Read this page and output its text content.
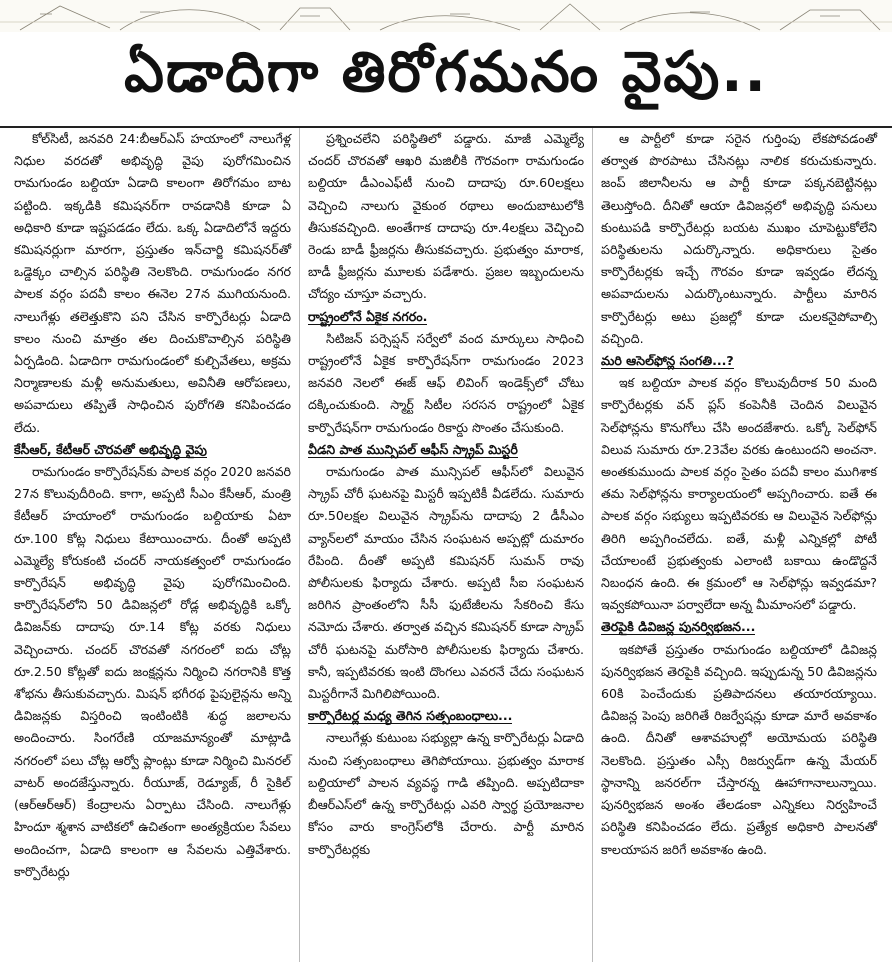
ఏడాదిగా తిరోగమనం వైపు..

కోల్‌సిటీ, జనవరి 24:బీఆర్‌ఎస్‌ హయాంలో నాలుగేళ్ల నిధుల వరదతో అభివృద్ధి వైపు పురోగమించిన రామగుండం బల్దియా ఏడాది కాలంగా తిరోగమం బాట పట్టింది. ఇక్కడికి కమిషనర్‌గా రావడానికి కూడా ఏ అధికారి కూడా ఇష్టపడడం లేదు. ఒక్క ఏడాదిలోనే ఇద్దరు కమిషనర్లుగా మారగా, ప్రస్తుతం ఇన్‌చార్జి కమిషనర్‌తో ఒడ్డెక్కం చాల్సిన పరిస్థితి నెలకొంది. రామగుండం నగర పాలక వర్గం పదవీ కాలం ఈనెల 27న ముగియనుంది. నాలుగేళ్లు తలెత్తుకొని పని చేసిన కార్పొరేటర్లు ఏడాది కాలం నుంచి మాత్రం తల దించుకొవాల్సిన పరిస్థితి ఏర్పడింది. ఏడాదిగా రామగుండంలో కుల్చివేతలు, అక్రమ నిర్మాణాలకు మళ్లీ అనుమతులు, అవినీతి ఆరోపణలు, అపవాదులు తప్పితే సాధించిన పురోగతి కనిపించడం లేదు.

కేసీఆర్‌, కేటీఆర్‌ చొరవతో అభివృద్ధి వైపు

రామగుండం కార్పొరేషన్‌కు పాలక వర్గం 2020 జనవరి 27న కొలువుదీరింది. కాగా, అప్పటి సీఎం కేసీఆర్‌, మంత్రి కేటీఆర్‌ హయాంలో రామగుండం బల్దియాకు ఏటా రూ.100 కోట్ల నిధులు కేటాయించారు. దీంతో అప్పటి ఎమ్మెల్యే కోరుకంటి చందర్‌ నాయకత్వంలో రామగుండం కార్పొరేషన్‌ అభివృద్ధి వైపు పురోగమించింది. కార్పొరేషన్‌లోని 50 డివిజన్లలో రోడ్ల అభివృద్ధికి ఒక్కో డివిజన్‌కు దాదాపు రూ.14 కోట్ల వరకు నిధులు వెచ్చించారు. చందర్‌ చొరవతో నగరంలో ఐదు చోట్ల రూ.2.50 కోట్లతో ఐదు జంక్షన్లను నిర్మించి నగరానికి కొత్త శోభను తీసుకువచ్చారు. మిషన్‌ భగీరథ పైపులైన్లను అన్ని డివిజన్లకు విస్తరించి ఇంటింటికి శుద్ధ జలాలను అందించారు. సింగరేణి యాజమాన్యంతో మాట్లాడి నగరంలో పలు చోట్ల ఆర్వో ప్లాంట్లు కూడా నిర్మించి మినరల్‌ వాటర్‌ అందజేస్తున్నారు. రీయూజ్‌, రెడ్యూజ్‌, రీ సైకిల్‌ (ఆర్‌ఆర్‌ఆర్‌) కేంద్రాలను ఏర్పాటు చేసింది. నాలుగేళ్లు హిందూ శ్మశాన వాటికలో ఉచితంగా అంత్యక్రియల సేవలు అందించగా, ఏడాది కాలంగా ఆ సేవలను ఎత్తివేశారు. కార్పొరేటర్లు

ప్రశ్నించలేని పరిస్థితిలో పడ్డారు. మాజీ ఎమ్మెల్యే చందర్‌ చొరవతో ఆఖరి మజిలీకి గౌరవంగా రామగుండం బల్దియా డీఎంఎఫ్‌టీ నుంచి దాదాపు రూ.60లక్షలు వెచ్చించి నాలుగు వైకుంఠ రథాలు అందుబాటులోకి తీసుకవచ్చింది. అంతేగాక దాదాపు రూ.4లక్షలు వెచ్చించి రెండు బాడీ ఫ్రీజర్లను తీసుకవచ్చారు. ప్రభుత్వం మారాక, బాడీ ఫ్రీజర్లను మూలకు పడేశారు. ప్రజల ఇబ్బందులను చోద్యం చూస్తూ వచ్చారు.

రాష్ట్రంలోనే ఏకైక నగరం.

సిటిజన్‌ పర్సెప్షన్‌ సర్వేలో వంద మార్కులు సాధించి రాష్ట్రంలోనే ఏకైక కార్పొరేషన్‌గా రామగుండం 2023 జనవరి నెలలో ఈజ్‌ ఆఫ్‌ లివింగ్‌ ఇండెక్స్‌లో చోటు దక్కించుకుంది. స్మార్ట్‌ సిటీల సరసన రాష్ట్రంలో ఏకైక కార్పొరేషన్‌గా రామగుండం రికార్డు సొంతం చేసుకుంది.

వీడని పాత మున్సిపల్‌ ఆఫీస్‌ స్క్రాప్‌ మిస్టరీ

రామగుండం పాత మున్సిపల్‌ ఆఫీస్‌లో విలువైన స్క్రాప్‌ చోరీ ఘటనపై మిస్టరీ ఇప్పటికీ వీడలేదు. సుమారు రూ.50లక్షల విలువైన స్క్రాప్‌ను దాదాపు 2 డీసీఎం వ్యాన్‌లలో మాయం చేసిన సంఘటన అప్పట్లో దుమారం రేపింది. దీంతో అప్పటి కమిషనర్‌ సుమన్‌ రావు పోలీసులకు ఫిర్యాదు చేశారు. అప్పటి సీఐ సంఘటన జరిగిన ప్రాంతంలోని సీసీ ఫుటేజీలను సేకరించి కేసు నమోదు చేశారు. తర్వాత వచ్చిన కమిషనర్‌ కూడా స్క్రాప్‌ చోరీ ఘటనపై మరోసారి పోలీసులకు ఫిర్యాదు చేశారు. కానీ, ఇప్పటివరకు ఇంటి దొంగలు ఎవరనే చేదు సంఘటన మిస్టరీగానే మిగిలిపోయింది.

కార్పొరేటర్ల మధ్య తెగిన సత్సంబంధాలు...

నాలుగేళ్లు కుటుంబ సభ్యుల్లా ఉన్న కార్పొరేటర్లు ఏడాది నుంచి సత్సంబంధాలు తెగిపోయాయి. ప్రభుత్వం మారాక బల్దియాలో పాలన వ్యవస్థ గాడి తప్పింది. అప్పటిదాకా బీఆర్‌ఎస్‌లో ఉన్న కార్పొరేటర్లు ఎవరి స్వార్థ ప్రయోజనాల కోసం వారు కాంగ్రెస్‌లోకి చేరారు. పార్టీ మారిన కార్పొరేటర్లకు

ఆ పార్టీలో కూడా సరైన గుర్తింపు లేకపోవడంతో తర్వాత పొరపాటు చేసినట్లు నాలిక కరుచుకున్నారు. జంప్‌ జిలానీలను ఆ పార్టీ కూడా పక్కనబెట్టినట్లు తెలుస్తోంది. దీనితో ఆయా డివిజన్లలో అభివృద్ధి పనులు కుంటుపడి కార్పొరేటర్లు బయట ముఖం చూపెట్టుకోలేని పరిస్థితులను ఎదుర్కొన్నారు. అధికారులు సైతం కార్పొరేటర్లకు ఇచ్చే గౌరవం కూడా ఇవ్వడం లేదన్న అపవాదులను ఎదుర్కొంటున్నారు. పార్టీలు మారిన కార్పొరేటర్లు అటు ప్రజల్లో కూడా చులకనైపోవాల్సి వచ్చింది.

మరి ఆసెల్‌ఫోన్ల సంగతి...?

ఇక బల్దియా పాలక వర్గం కొలువుదీరాక 50 మంది కార్పొరేటర్లకు వన్‌ ప్లస్‌ కంపెనీకి చెందిన విలువైన సెల్‌ఫోన్లను కొనుగోలు చేసి అందజేశారు. ఒక్కో సెల్‌ఫోన్‌ విలువ సుమారు రూ.23వేల వరకు ఉంటుందని అంచనా. అంతకుముందు పాలక వర్గం సైతం పదవీ కాలం ముగిశాక తమ సెల్‌ఫోన్లను కార్యాలయంలో అప్పగించారు. ఐతే ఈ పాలక వర్గం సభ్యులు ఇప్పటివరకు ఆ విలువైన సెల్‌ఫోన్లు తిరిగి అప్పగించలేదు. ఐతే, మళ్లీ ఎన్నికల్లో పోటీ చేయాలంటే ప్రభుత్వంకు ఎలాంటి బకాయి ఉండొద్దనే నిబంధన ఉంది. ఈ క్రమంలో ఆ సెల్‌ఫోన్లు ఇవ్వడమా? ఇవ్వకపోయినా పర్వాలేదా అన్న మీమాంసలో పడ్డారు.

తెరపైకి డివిజన్ల పునర్విభజన...

ఇకపోతే ప్రస్తుతం రామగుండం బల్దియాలో డివిజన్ల పునర్విభజన తెరపైకి వచ్చింది. ఇప్పుడున్న 50 డివిజన్లను 60కి పెంచేందుకు ప్రతిపాదనలు తయారయ్యాయి. డివిజన్ల పెంపు జరిగితే రిజర్వేషన్లు కూడా మారే అవకాశం ఉంది. దీనితో ఆశావహుల్లో అయోమయ పరిస్థితి నెలకొంది. ప్రస్తుతం ఎస్సీ రిజర్వుడ్‌గా ఉన్న మేయర్‌ స్థానాన్ని జనరల్‌గా చేస్తారన్న ఊహాగానాలున్నాయి. పునర్విభజన అంశం తేలడంకా ఎన్నికలు నిర్వహించే పరిస్థితి కనిపించడం లేదు. ప్రత్యేక అధికారి పాలనతో కాలయాపన జరిగే అవకాశం ఉంది.
